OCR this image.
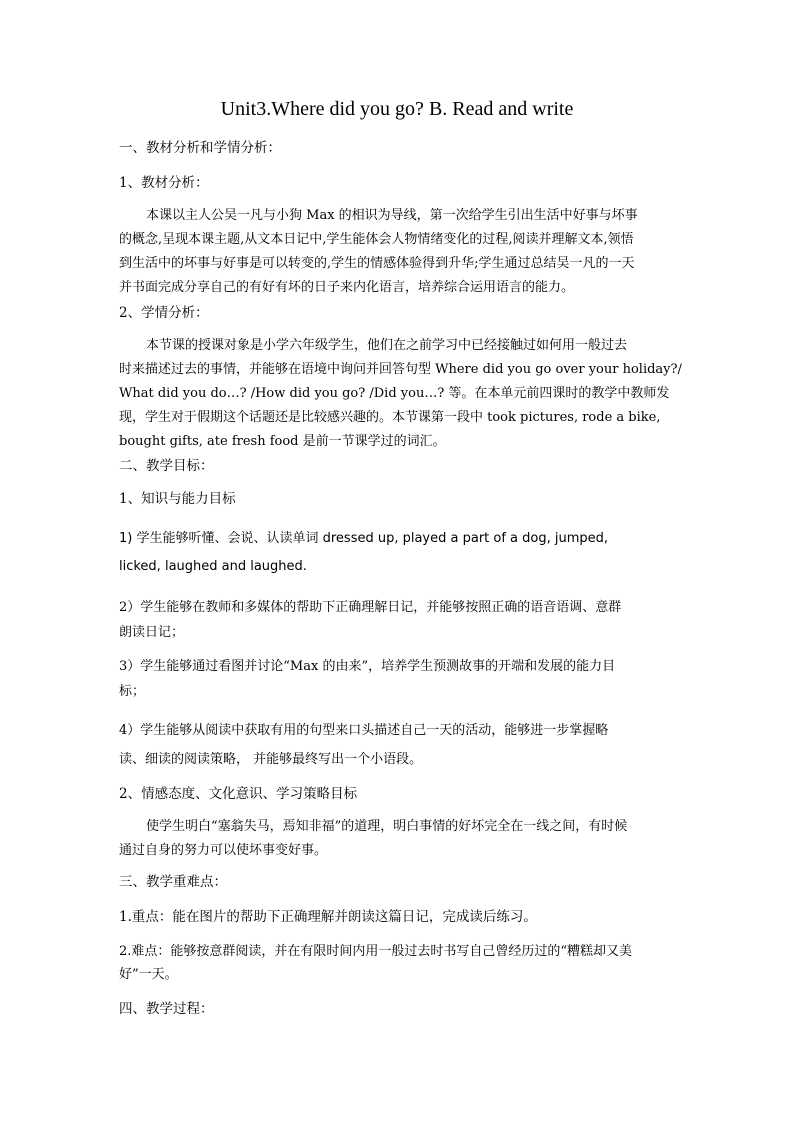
Unit3.Where did you go? B. Read and write
一、教材分析和学情分析：
1、教材分析：
本课以主人公吴一凡与小狗 Max 的相识为导线，第一次给学生引出生活中好事与坏事
的概念,呈现本课主题,从文本日记中,学生能体会人物情绪变化的过程,阅读并理解文本,领悟
到生活中的坏事与好事是可以转变的,学生的情感体验得到升华;学生通过总结吴一凡的一天
并书面完成分享自己的有好有坏的日子来内化语言，培养综合运用语言的能力。
2、学情分析：
本节课的授课对象是小学六年级学生，他们在之前学习中已经接触过如何用一般过去
时来描述过去的事情，并能够在语境中询问并回答句型 Where did you go over your holiday?/
What did you do…? /How did you go? /Did you…? 等。在本单元前四课时的教学中教师发
现，学生对于假期这个话题还是比较感兴趣的。本节课第一段中 took pictures, rode a bike,
bought gifts, ate fresh food 是前一节课学过的词汇。
二、教学目标：
1、知识与能力目标
1) 学生能够听懂、会说、认读单词 dressed up, played a part of a dog, jumped,
licked, laughed and laughed.
2）学生能够在教师和多媒体的帮助下正确理解日记，并能够按照正确的语音语调、意群
朗读日记；
3）学生能够通过看图并讨论“Max 的由来”，培养学生预测故事的开端和发展的能力目
标；
4）学生能够从阅读中获取有用的句型来口头描述自己一天的活动，能够进一步掌握略
读、细读的阅读策略， 并能够最终写出一个小语段。
2、情感态度、文化意识、学习策略目标
使学生明白“塞翁失马，焉知非福”的道理，明白事情的好坏完全在一线之间，有时候
通过自身的努力可以使坏事变好事。
三、教学重难点：
1.重点：能在图片的帮助下正确理解并朗读这篇日记，完成读后练习。
2.难点：能够按意群阅读，并在有限时间内用一般过去时书写自己曾经历过的“糟糕却又美
好”一天。
四、教学过程：
